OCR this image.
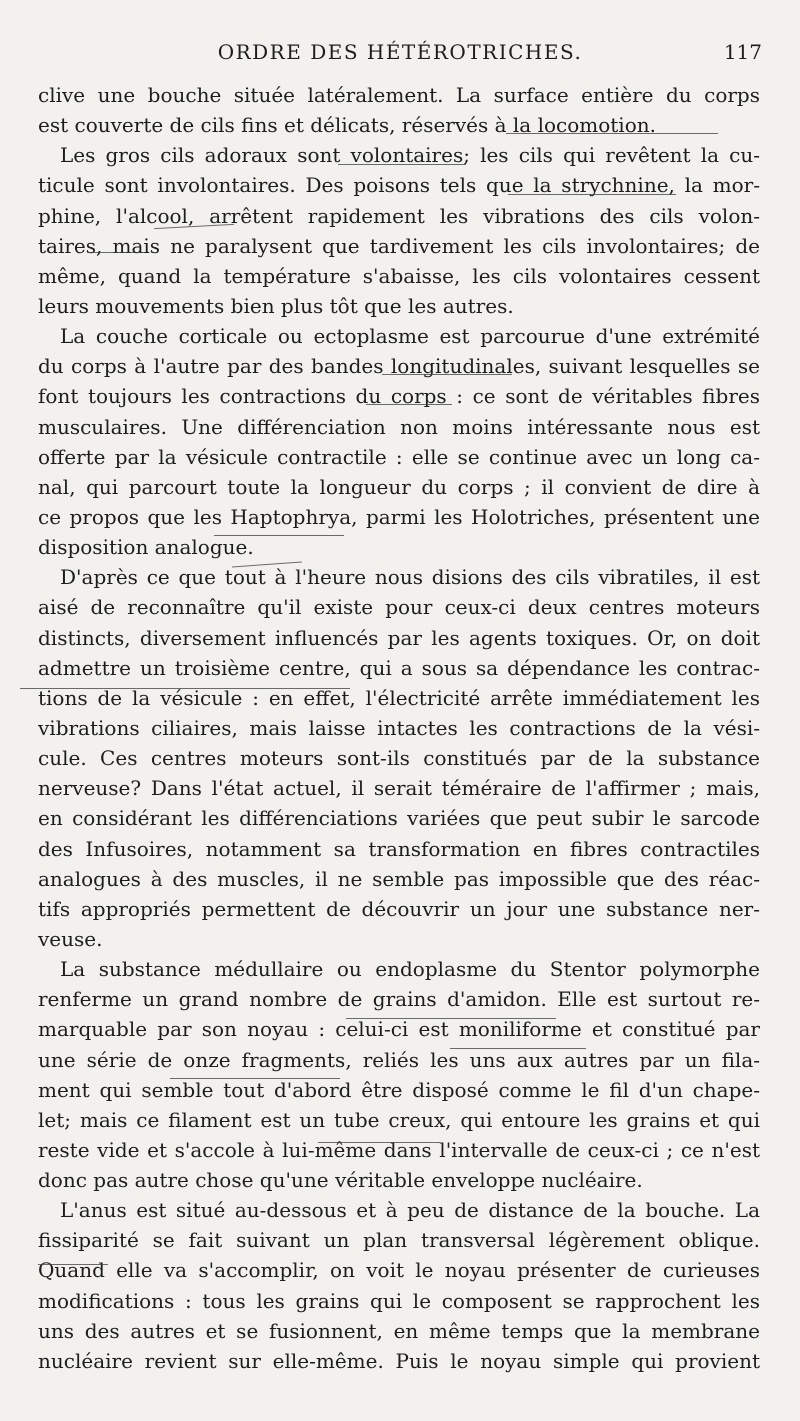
ORDRE DES HÉTÉROTRICHES.	117
clive une bouche située latéralement. La surface entière du corps
est couverte de cils fins et délicats, réservés à la locomotion.
Les gros cils adoraux sont volontaires; les cils qui revêtent la cu-
ticule sont involontaires. Des poisons tels que la strychnine, la mor-
phine, l'alcool, arrêtent rapidement les vibrations des cils volon-
taires, mais ne paralysent que tardivement les cils involontaires; de
même, quand la température s'abaisse, les cils volontaires cessent
leurs mouvements bien plus tôt que les autres.
La couche corticale ou ectoplasme est parcourue d'une extrémité
du corps à l'autre par des bandes longitudinales, suivant lesquelles se
font toujours les contractions du corps : ce sont de véritables fibres
musculaires. Une différenciation non moins intéressante nous est
offerte par la vésicule contractile : elle se continue avec un long ca-
nal, qui parcourt toute la longueur du corps ; il convient de dire à
ce propos que les Haptophrya, parmi les Holotriches, présentent une
disposition analogue.
D'après ce que tout à l'heure nous disions des cils vibratiles, il est
aisé de reconnaître qu'il existe pour ceux-ci deux centres moteurs
distincts, diversement influencés par les agents toxiques. Or, on doit
admettre un troisième centre, qui a sous sa dépendance les contrac-
tions de la vésicule : en effet, l'électricité arrête immédiatement les
vibrations ciliaires, mais laisse intactes les contractions de la vési-
cule. Ces centres moteurs sont-ils constitués par de la substance
nerveuse? Dans l'état actuel, il serait téméraire de l'affirmer ; mais,
en considérant les différenciations variées que peut subir le sarcode
des Infusoires, notamment sa transformation en fibres contractiles
analogues à des muscles, il ne semble pas impossible que des réac-
tifs appropriés permettent de découvrir un jour une substance ner-
veuse.
La substance médullaire ou endoplasme du Stentor polymorphe
renferme un grand nombre de grains d'amidon. Elle est surtout re-
marquable par son noyau : celui-ci est moniliforme et constitué par
une série de onze fragments, reliés les uns aux autres par un fila-
ment qui semble tout d'abord être disposé comme le fil d'un chape-
let; mais ce filament est un tube creux, qui entoure les grains et qui
reste vide et s'accole à lui-même dans l'intervalle de ceux-ci ; ce n'est
donc pas autre chose qu'une véritable enveloppe nucléaire.
L'anus est situé au-dessous et à peu de distance de la bouche. La
fissiparité se fait suivant un plan transversal légèrement oblique.
Quand elle va s'accomplir, on voit le noyau présenter de curieuses
modifications : tous les grains qui le composent se rapprochent les
uns des autres et se fusionnent, en même temps que la membrane
nucléaire revient sur elle-même. Puis le noyau simple qui provient
